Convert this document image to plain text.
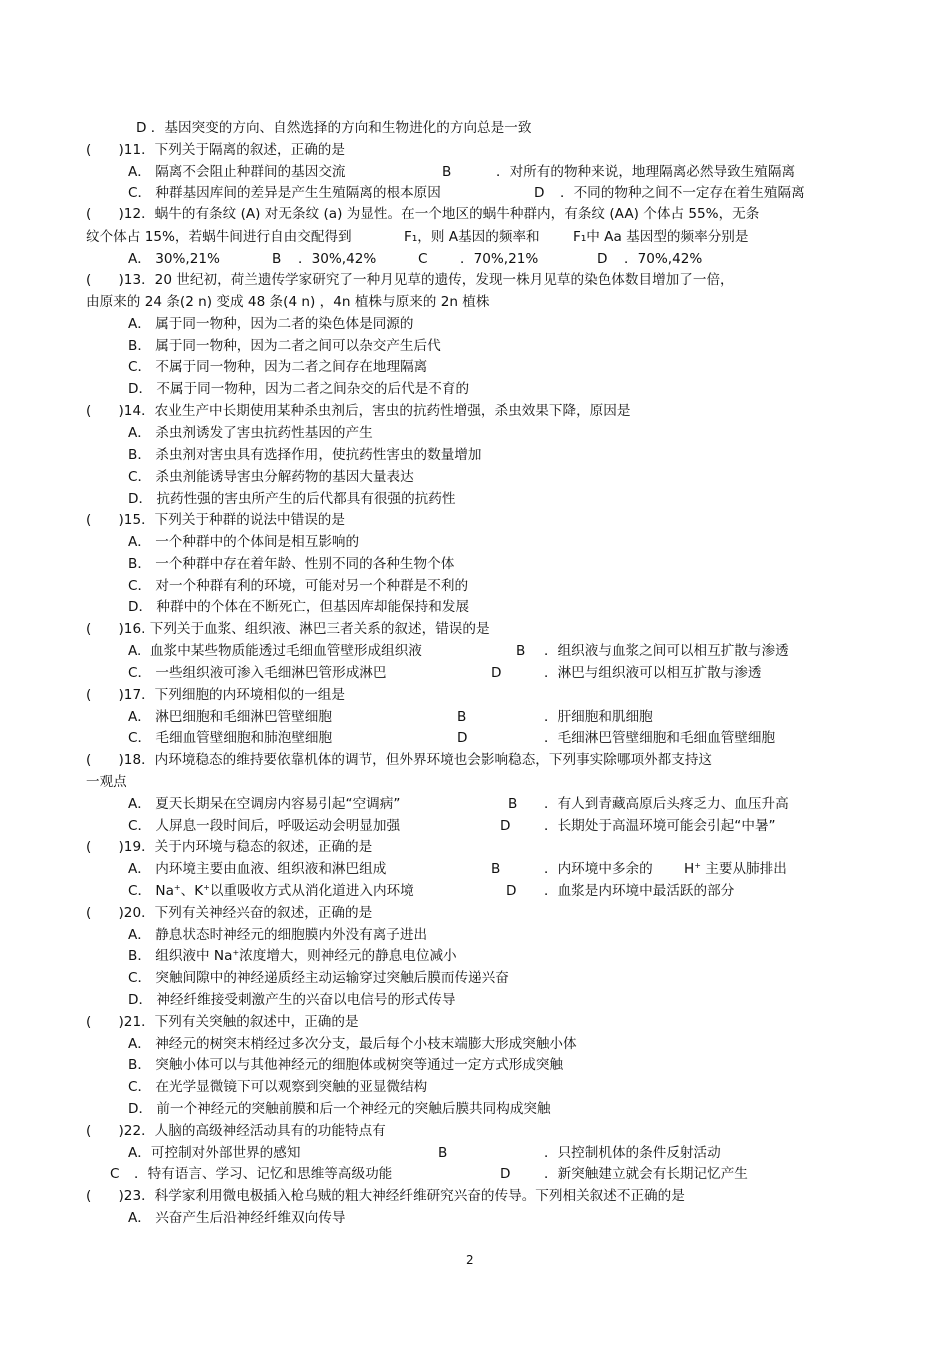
D ．基因突变的方向、自然选择的方向和生物进化的方向总是一致
(　　)11．下列关于隔离的叙述，正确的是
A． 隔离不会阻止种群间的基因交流	B	．对所有的物种来说，地理隔离必然导致生殖隔离
C． 种群基因库间的差异是产生生殖隔离的根本原因	D ．不同的物种之间不一定存在着生殖隔离
(　　)12．蜗牛的有条纹 (A) 对无条纹 (a) 为显性。在一个地区的蜗牛种群内，有条纹 (AA) 个体占 55%，无条
纹个体占 15%，若蜗牛间进行自由交配得到	F₁，则 A基因的频率和 F₁中 Aa 基因型的频率分别是
A． 30%,21%	B ．30%,42%	C ．70%,21%	D ．70%,42%
(　　)13．20 世纪初，荷兰遗传学家研究了一种月见草的遗传，发现一株月见草的染色体数目增加了一倍，
由原来的 24 条(2 n) 变成 48 条(4 n) ，4n 植株与原来的 2n 植株
A． 属于同一物种，因为二者的染色体是同源的
B． 属于同一物种，因为二者之间可以杂交产生后代
C． 不属于同一物种，因为二者之间存在地理隔离
D． 不属于同一物种，因为二者之间杂交的后代是不育的
(　　)14．农业生产中长期使用某种杀虫剂后，害虫的抗药性增强，杀虫效果下降，原因是
A． 杀虫剂诱发了害虫抗药性基因的产生
B． 杀虫剂对害虫具有选择作用，使抗药性害虫的数量增加
C． 杀虫剂能诱导害虫分解药物的基因大量表达
D． 抗药性强的害虫所产生的后代都具有很强的抗药性
(　　)15．下列关于种群的说法中错误的是
A． 一个种群中的个体间是相互影响的
B． 一个种群中存在着年龄、性别不同的各种生物个体
C． 对一个种群有利的环境，可能对另一个种群是不利的
D． 种群中的个体在不断死亡，但基因库却能保持和发展
(　　)16. 下列关于血浆、组织液、淋巴三者关系的叙述，错误的是
A.  血浆中某些物质能透过毛细血管壁形成组织液	B ．组织液与血浆之间可以相互扩散与渗透
C． 一些组织液可渗入毛细淋巴管形成淋巴	D	．淋巴与组织液可以相互扩散与渗透
(　　)17．下列细胞的内环境相似的一组是
A． 淋巴细胞和毛细淋巴管壁细胞	B	．肝细胞和肌细胞
C． 毛细血管壁细胞和肺泡壁细胞	D	．毛细淋巴管壁细胞和毛细血管壁细胞
(　　)18．内环境稳态的维持要依靠机体的调节，但外界环境也会影响稳态，下列事实除哪项外都支持这
一观点
A． 夏天长期呆在空调房内容易引起“空调病”	B ．有人到青藏高原后头疼乏力、血压升高
C． 人屏息一段时间后，呼吸运动会明显加强	D ．长期处于高温环境可能会引起“中暑”
(　　)19．关于内环境与稳态的叙述，正确的是
A． 内环境主要由血液、组织液和淋巴组成	B	．内环境中多余的 H+ 主要从肺排出
C． Na+、K+以重吸收方式从消化道进入内环境	D ．血浆是内环境中最活跃的部分
(　　)20．下列有关神经兴奋的叙述，正确的是
A． 静息状态时神经元的细胞膜内外没有离子进出
B． 组织液中 Na+浓度增大，则神经元的静息电位减小
C． 突触间隙中的神经递质经主动运输穿过突触后膜而传递兴奋
D． 神经纤维接受刺激产生的兴奋以电信号的形式传导
(　　)21．下列有关突触的叙述中，正确的是
A． 神经元的树突末梢经过多次分支，最后每个小枝末端膨大形成突触小体
B． 突触小体可以与其他神经元的细胞体或树突等通过一定方式形成突触
C． 在光学显微镜下可以观察到突触的亚显微结构
D． 前一个神经元的突触前膜和后一个神经元的突触后膜共同构成突触
(　　)22．人脑的高级神经活动具有的功能特点有
A．可控制对外部世界的感知	B	．只控制机体的条件反射活动
C ．特有语言、学习、记忆和思维等高级功能	D ．新突触建立就会有长期记忆产生
(　　)23．科学家利用微电极插入枪乌贼的粗大神经纤维研究兴奋的传导。下列相关叙述不正确的是
A． 兴奋产生后沿神经纤维双向传导
2
